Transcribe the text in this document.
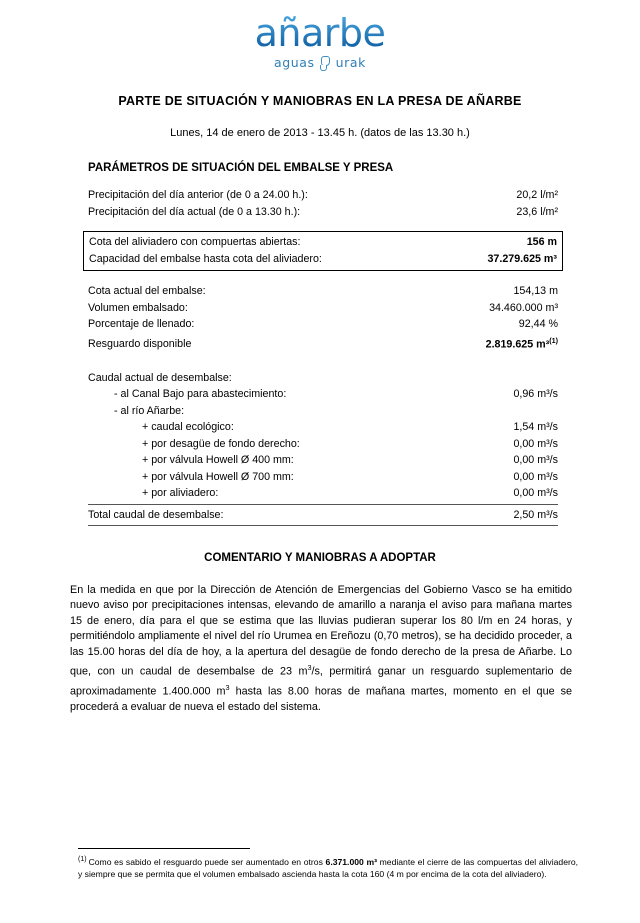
añarbe
aguas urak
PARTE DE SITUACIÓN Y MANIOBRAS EN LA PRESA DE AÑARBE
Lunes, 14 de enero de 2013 - 13.45 h. (datos de las 13.30 h.)
PARÁMETROS DE SITUACIÓN DEL EMBALSE Y PRESA
Precipitación del día anterior (de 0 a 24.00 h.):	20,2 l/m²
Precipitación del día actual (de 0 a 13.30 h.):	23,6 l/m²
Cota del aliviadero con compuertas abiertas:	156 m
Capacidad del embalse hasta cota del aliviadero:	37.279.625 m³
Cota actual del embalse:	154,13 m
Volumen embalsado:	34.460.000 m³
Porcentaje de llenado:	92,44 %
Resguardo disponible	2.819.625 m³$^{(1)}$
Caudal actual de desembalse:
- al Canal Bajo para abastecimiento:	0,96 m³/s
- al río Añarbe:
+ caudal ecológico:	1,54 m³/s
+ por desagüe de fondo derecho:	0,00 m³/s
+ por válvula Howell Ø 400 mm:	0,00 m³/s
+ por válvula Howell Ø 700 mm:	0,00 m³/s
+ por aliviadero:	0,00 m³/s
Total caudal de desembalse:	2,50 m³/s
COMENTARIO Y MANIOBRAS A ADOPTAR
En la medida en que por la Dirección de Atención de Emergencias del Gobierno Vasco se ha emitido nuevo aviso por precipitaciones intensas, elevando de amarillo a naranja el aviso para mañana martes 15 de enero, día para el que se estima que las lluvias pudieran superar los 80 l/m en 24 horas, y permitiéndolo ampliamente el nivel del río Urumea en Ereñozu (0,70 metros), se ha decidido proceder, a las 15.00 horas del día de hoy, a la apertura del desagüe de fondo derecho de la presa de Añarbe. Lo que, con un caudal de desembalse de 23 $m^3/s$, permitirá ganar un resguardo suplementario de aproximadamente 1.400.000 $m^3$ hasta las 8.00 horas de mañana martes, momento en el que se procederá a evaluar de nueva el estado del sistema.
$^{(1)}$ Como es sabido el resguardo puede ser aumentado en otros 6.371.000 m³ mediante el cierre de las compuertas del aliviadero, y siempre que se permita que el volumen embalsado ascienda hasta la cota 160 (4 m por encima de la cota del aliviadero).
